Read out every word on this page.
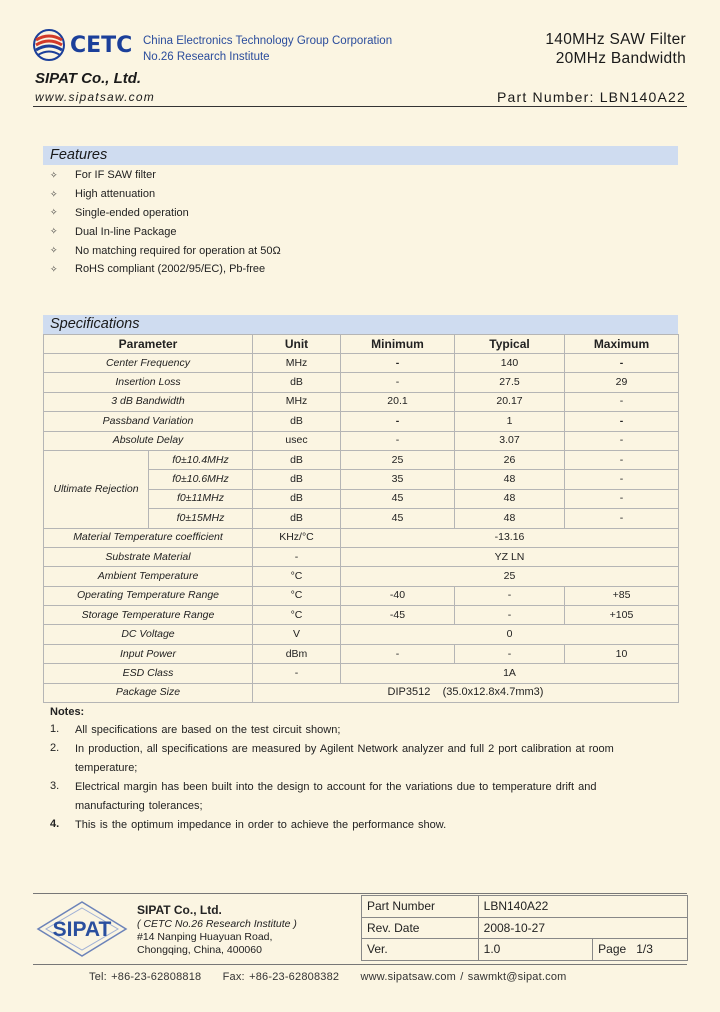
CETC China Electronics Technology Group Corporation
No.26 Research Institute
SIPAT Co., Ltd.
www.sipatsaw.com
140MHz SAW Filter
20MHz Bandwidth
Part Number: LBN140A22
Features
✧	For IF SAW filter
✧	High attenuation
✧	Single-ended operation
✧	Dual In-line Package
✧	No matching required for operation at 50Ω
✧	RoHS compliant (2002/95/EC), Pb-free
Specifications
Parameter		Unit	Minimum	Typical	Maximum
Center Frequency		MHz	-	140	-
Insertion Loss		dB	-	27.5	29
3 dB Bandwidth		MHz	20.1	20.17	-
Passband Variation		dB	-	1	-
Absolute Delay		usec	-	3.07	-
Ultimate Rejection	f0±10.4MHz	dB	25	26	-
	f0±10.6MHz	dB	35	48	-
	f0±11MHz	dB	45	48	-
	f0±15MHz	dB	45	48	-
Material Temperature coefficient		KHz/°C	-13.16		
Substrate Material		-	YZ LN		
Ambient Temperature		°C	25		
Operating Temperature Range		°C	-40	-	+85
Storage Temperature Range		°C	-45	-	+105
DC Voltage		V	0		
Input Power		dBm	-	-	10
ESD Class		-	1A		
Package Size		DIP3512    (35.0x12.8x4.7mm3)			
Notes:
1. All specifications are based on the test circuit shown;
2. In production, all specifications are measured by Agilent Network analyzer and full 2 port calibration at room temperature;
3. Electrical margin has been built into the design to account for the variations due to temperature drift and manufacturing tolerances;
4. This is the optimum impedance in order to achieve the performance show.
SIPAT
SIPAT Co., Ltd.
( CETC No.26 Research Institute )
#14 Nanping Huayuan Road,
Chongqing, China, 400060
Part Number	LBN140A22	
Rev. Date	2008-10-27	
Ver.	1.0	Page 1/3
Tel: +86-23-62808818     Fax: +86-23-62808382     www.sipatsaw.com / sawmkt@sipat.com
